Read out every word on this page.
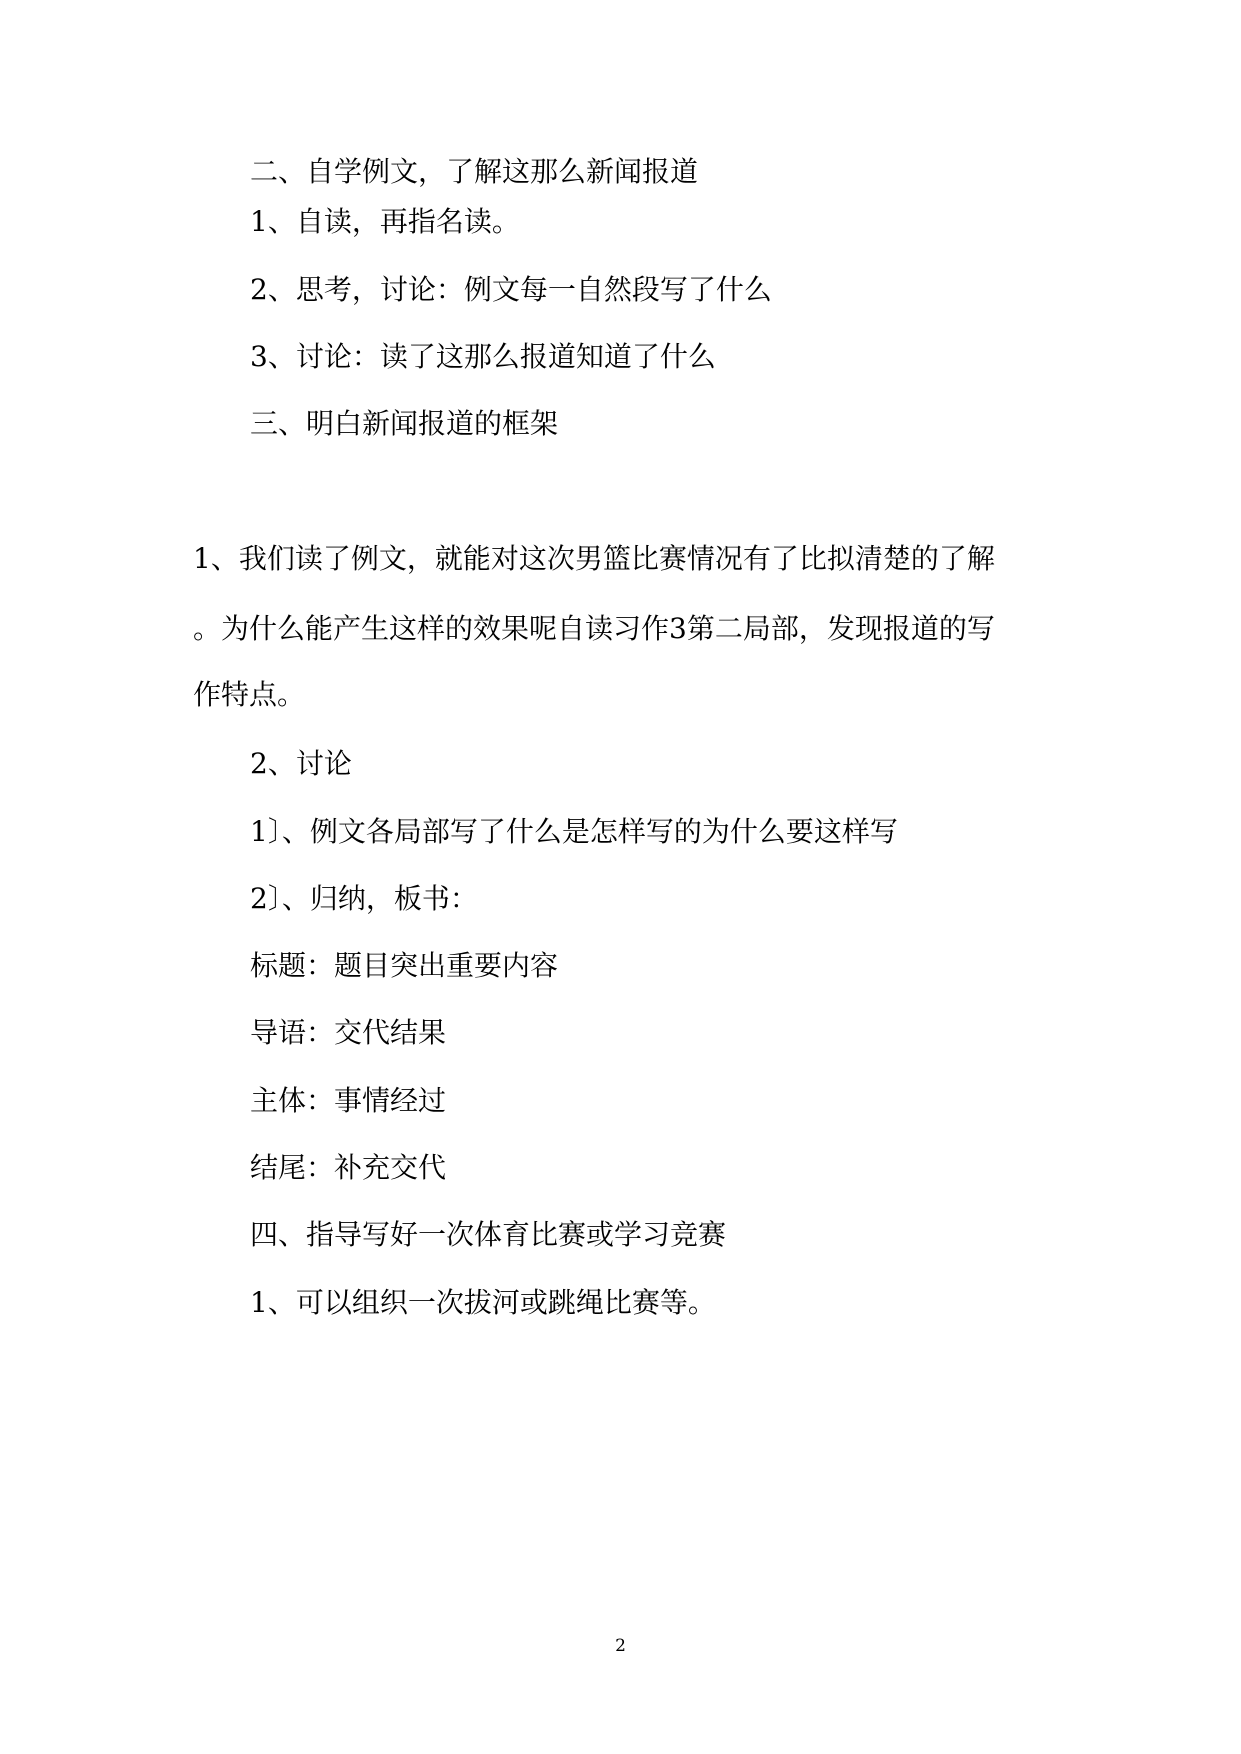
二、自学例文，了解这那么新闻报道

1、自读，再指名读。

2、思考，讨论：例文每一自然段写了什么

3、讨论：读了这那么报道知道了什么

三、明白新闻报道的框架

1、我们读了例文，就能对这次男篮比赛情况有了比拟清楚的了解

。为什么能产生这样的效果呢自读习作3第二局部，发现报道的写

作特点。

2、讨论

1〕、例文各局部写了什么是怎样写的为什么要这样写

2〕、归纳，板书：

标题：题目突出重要内容

导语：交代结果

主体：事情经过

结尾：补充交代

四、指导写好一次体育比赛或学习竞赛

1、可以组织一次拔河或跳绳比赛等。

2
